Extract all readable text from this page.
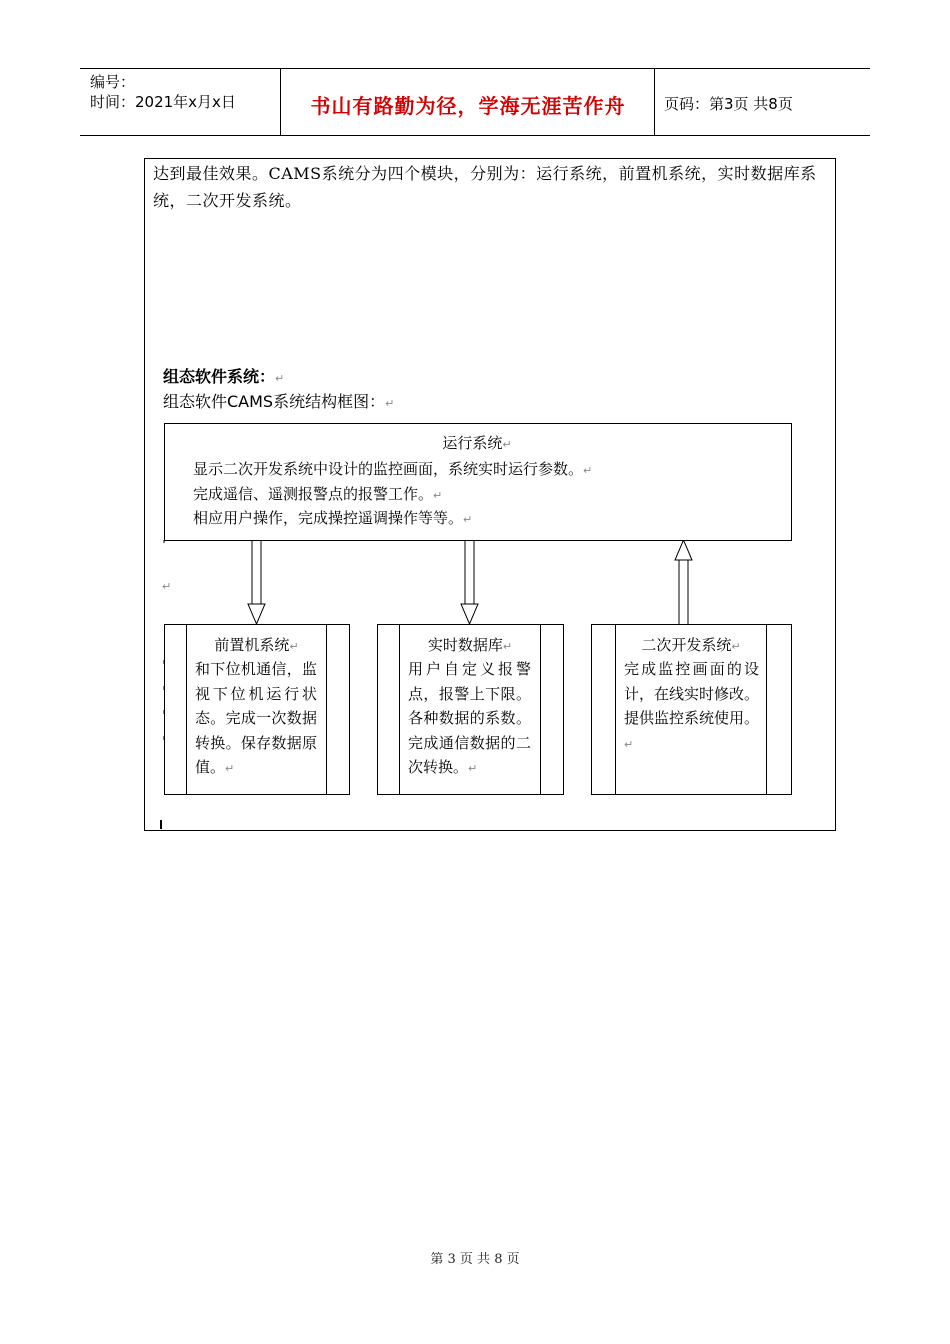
编号：
时间：2021年x月x日	书山有路勤为径，学海无涯苦作舟	页码：第3页 共8页
达到最佳效果。CAMS系统分为四个模块，分别为：运行系统，前置机系统，实时数据库系统，二次开发系统。
组态软件系统：↵
组态软件CAMS系统结构框图：↵
运行系统↵
显示二次开发系统中设计的监控画面，系统实时运行参数。↵
完成遥信、遥测报警点的报警工作。↵
相应用户操作，完成操控遥调操作等等。↵
↵
前置机系统↵
和下位机通信，监视下位机运行状态。完成一次数据转换。保存数据原值。↵
实时数据库↵
用户自定义报警点，报警上下限。各种数据的系数。完成通信数据的二次转换。↵
二次开发系统↵
完成监控画面的设计，在线实时修改。提供监控系统使用。↵
第 3 页 共 8 页
